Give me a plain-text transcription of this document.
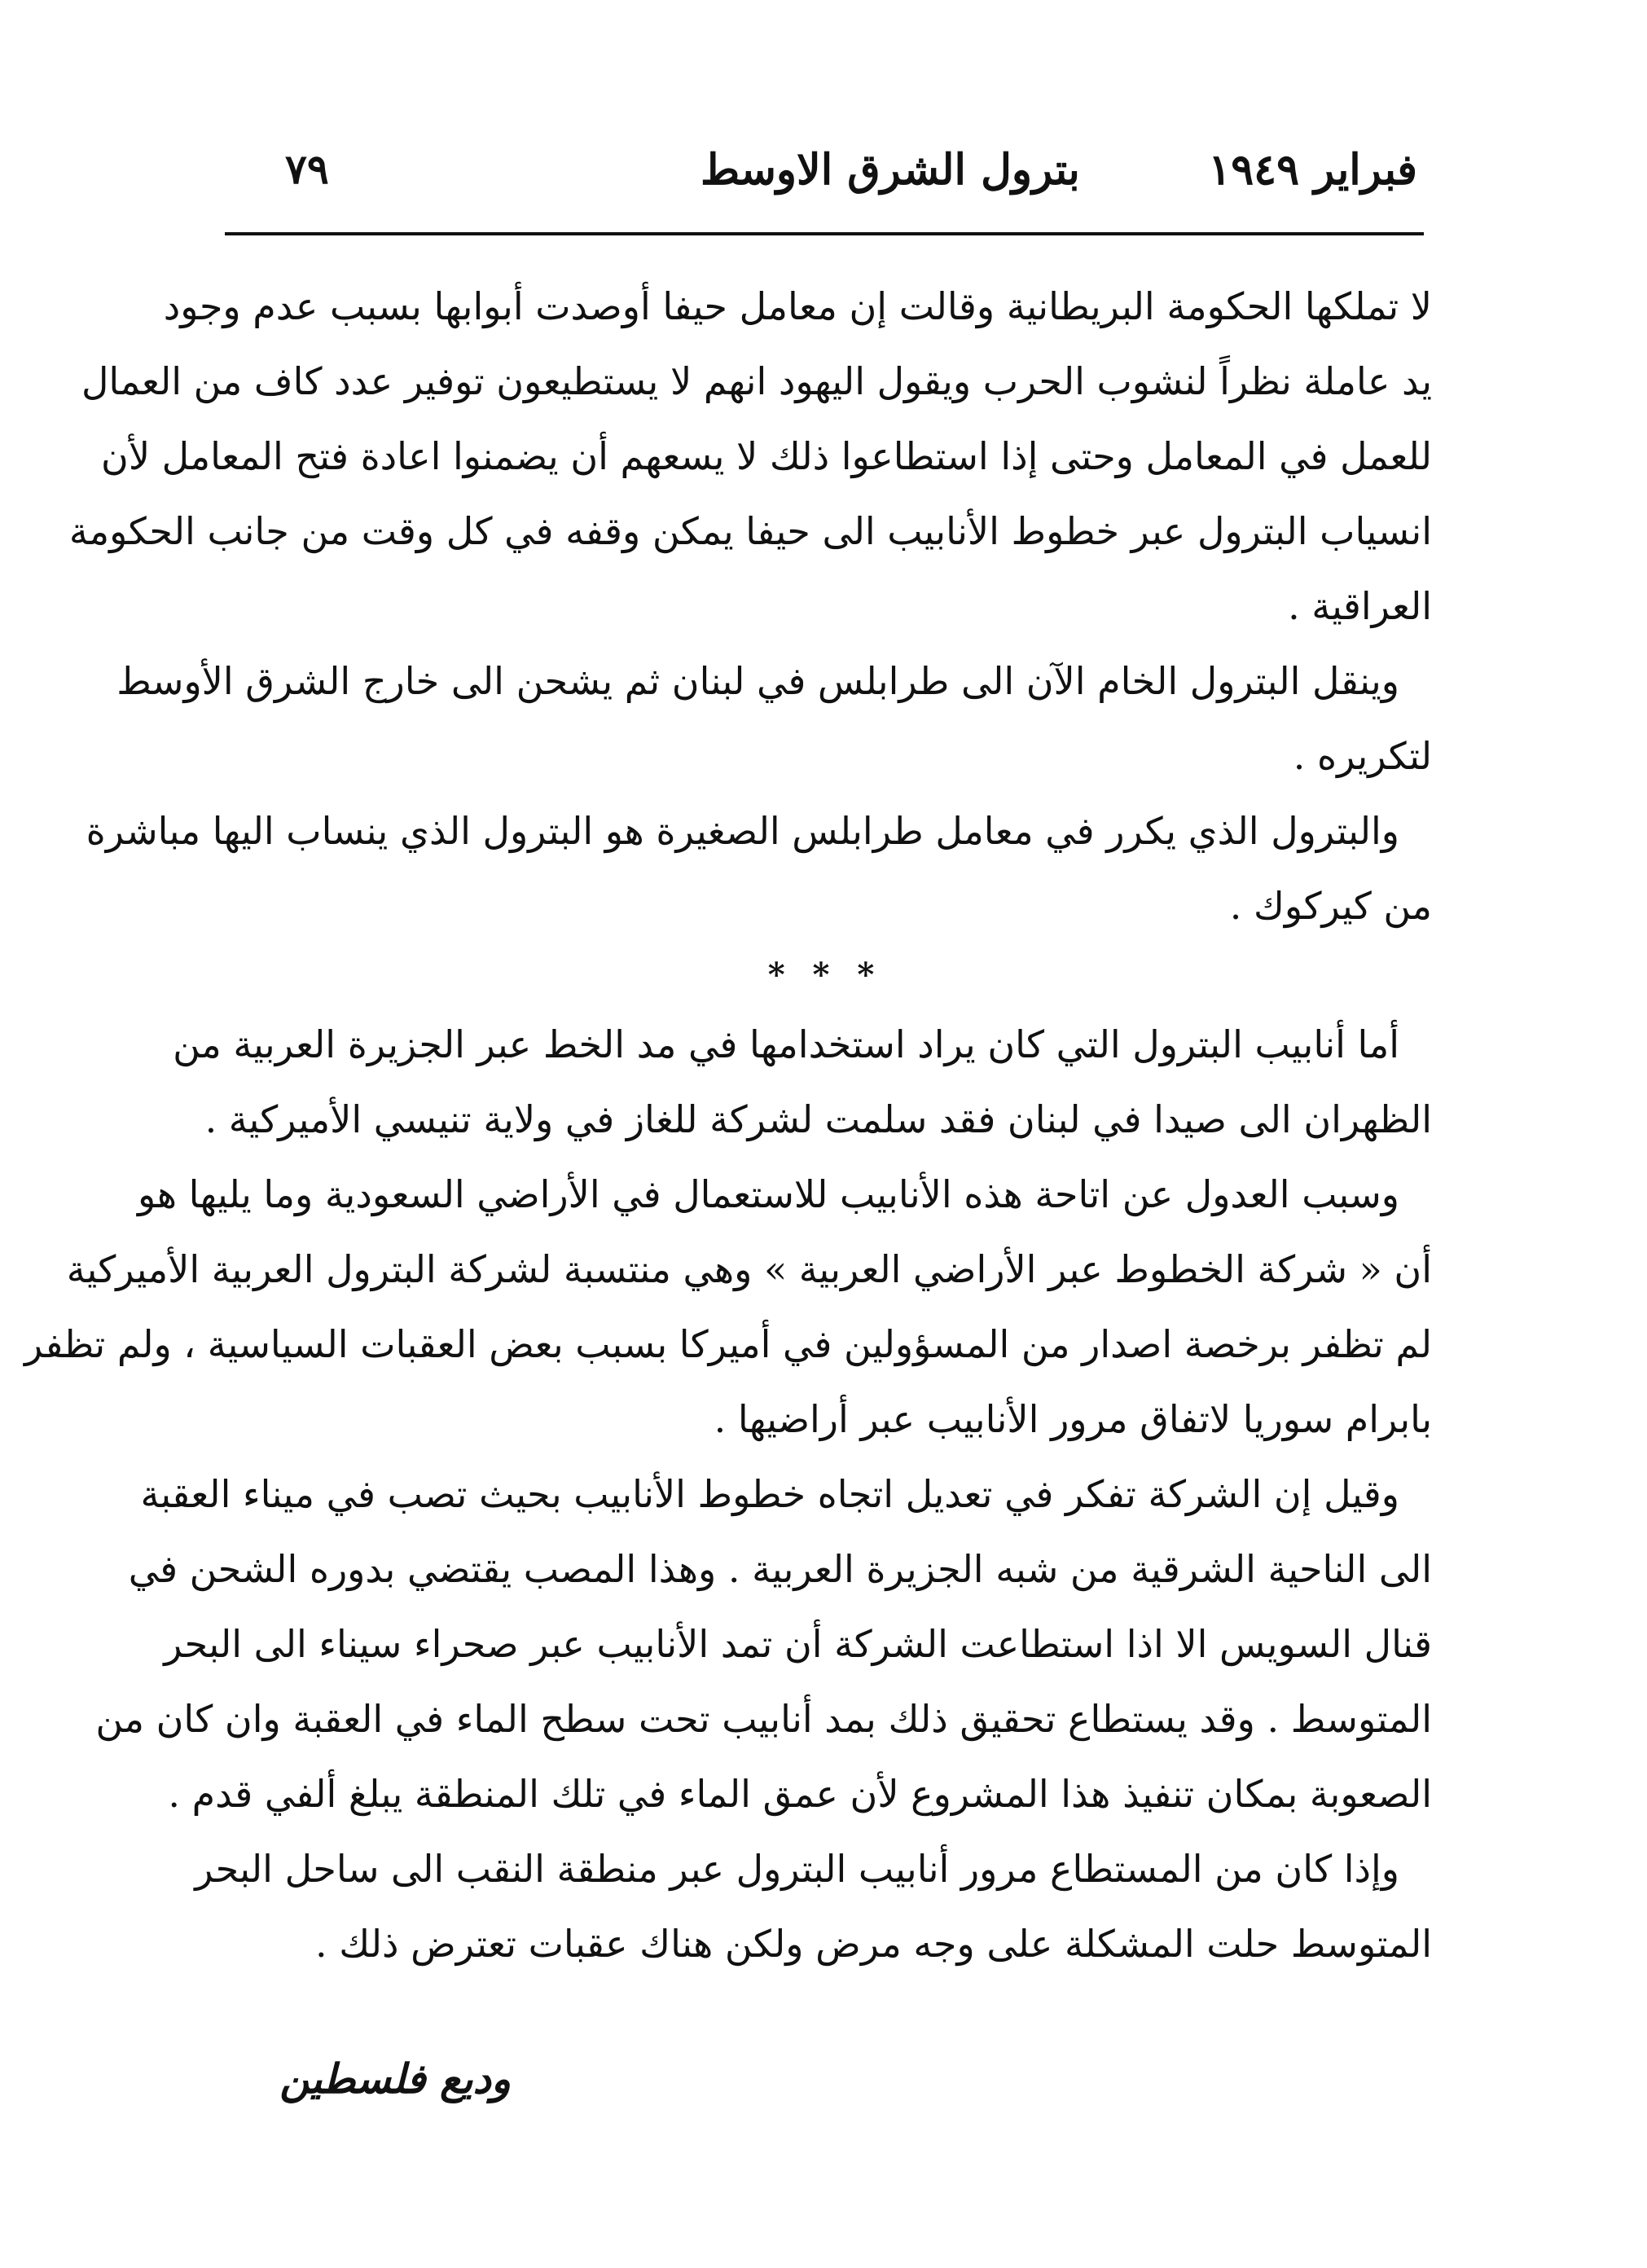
٧٩	بترول الشرق الاوسط	فبراير ١٩٤٩
لا تملكها الحكومة البريطانية وقالت إن معامل حيفا أوصدت أبوابها بسبب عدم وجود
يد عاملة نظراً لنشوب الحرب ويقول اليهود انهم لا يستطيعون توفير عدد كاف من العمال
للعمل في المعامل وحتى إذا استطاعوا ذلك لا يسعهم أن يضمنوا اعادة فتح المعامل لأن
انسياب البترول عبر خطوط الأنابيب الى حيفا يمكن وقفه في كل وقت من جانب الحكومة
العراقية .
وينقل البترول الخام الآن الى طرابلس في لبنان ثم يشحن الى خارج الشرق الأوسط
لتكريره .
والبترول الذي يكرر في معامل طرابلس الصغيرة هو البترول الذي ينساب اليها مباشرة
من كيركوك .
* * *
أما أنابيب البترول التي كان يراد استخدامها في مد الخط عبر الجزيرة العربية من
الظهران الى صيدا في لبنان فقد سلمت لشركة للغاز في ولاية تنيسي الأميركية .
وسبب العدول عن اتاحة هذه الأنابيب للاستعمال في الأراضي السعودية وما يليها هو
أن « شركة الخطوط عبر الأراضي العربية » وهي منتسبة لشركة البترول العربية الأميركية
لم تظفر برخصة اصدار من المسؤولين في أميركا بسبب بعض العقبات السياسية ، ولم تظفر
بابرام سوريا لاتفاق مرور الأنابيب عبر أراضيها .
وقيل إن الشركة تفكر في تعديل اتجاه خطوط الأنابيب بحيث تصب في ميناء العقبة
الى الناحية الشرقية من شبه الجزيرة العربية . وهذا المصب يقتضي بدوره الشحن في
قنال السويس الا اذا استطاعت الشركة أن تمد الأنابيب عبر صحراء سيناء الى البحر
المتوسط . وقد يستطاع تحقيق ذلك بمد أنابيب تحت سطح الماء في العقبة وان كان من
الصعوبة بمكان تنفيذ هذا المشروع لأن عمق الماء في تلك المنطقة يبلغ ألفي قدم .
وإذا كان من المستطاع مرور أنابيب البترول عبر منطقة النقب الى ساحل البحر
المتوسط حلت المشكلة على وجه مرض ولكن هناك عقبات تعترض ذلك .
وديع فلسطين
